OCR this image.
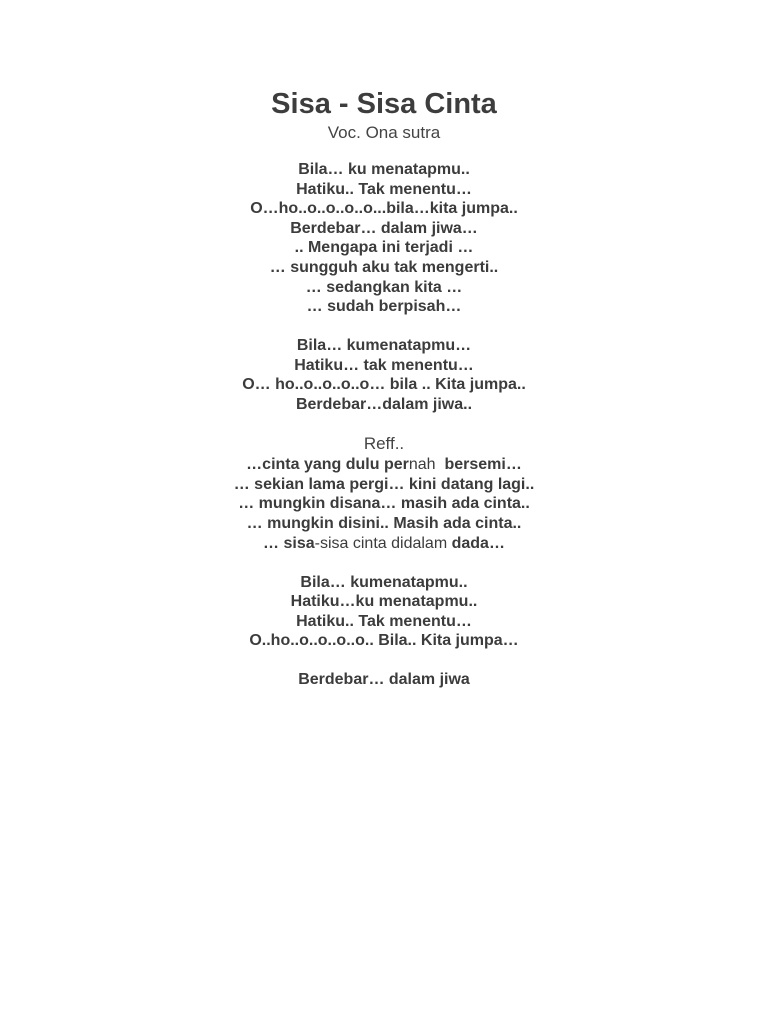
Sisa - Sisa Cinta

Voc. Ona sutra

Bila… ku menatapmu..
Hatiku.. Tak menentu…
O…ho..o..o..o..o...bila…kita jumpa..
Berdebar… dalam jiwa…
.. Mengapa ini terjadi …
… sungguh aku tak mengerti..
… sedangkan kita …
… sudah berpisah…
Bila… kumenatapmu…
Hatiku… tak menentu…
O… ho..o..o..o..o… bila .. Kita jumpa..
Berdebar…dalam jiwa..
Reff..
…cinta yang dulu pernah  bersemi…
… sekian lama pergi… kini datang lagi..
… mungkin disana… masih ada cinta..
… mungkin disini.. Masih ada cinta..
… sisa-sisa cinta didalam dada…
Bila… kumenatapmu..
Hatiku…ku menatapmu..
Hatiku.. Tak menentu…
O..ho..o..o..o..o.. Bila.. Kita jumpa…
Berdebar… dalam jiwa
